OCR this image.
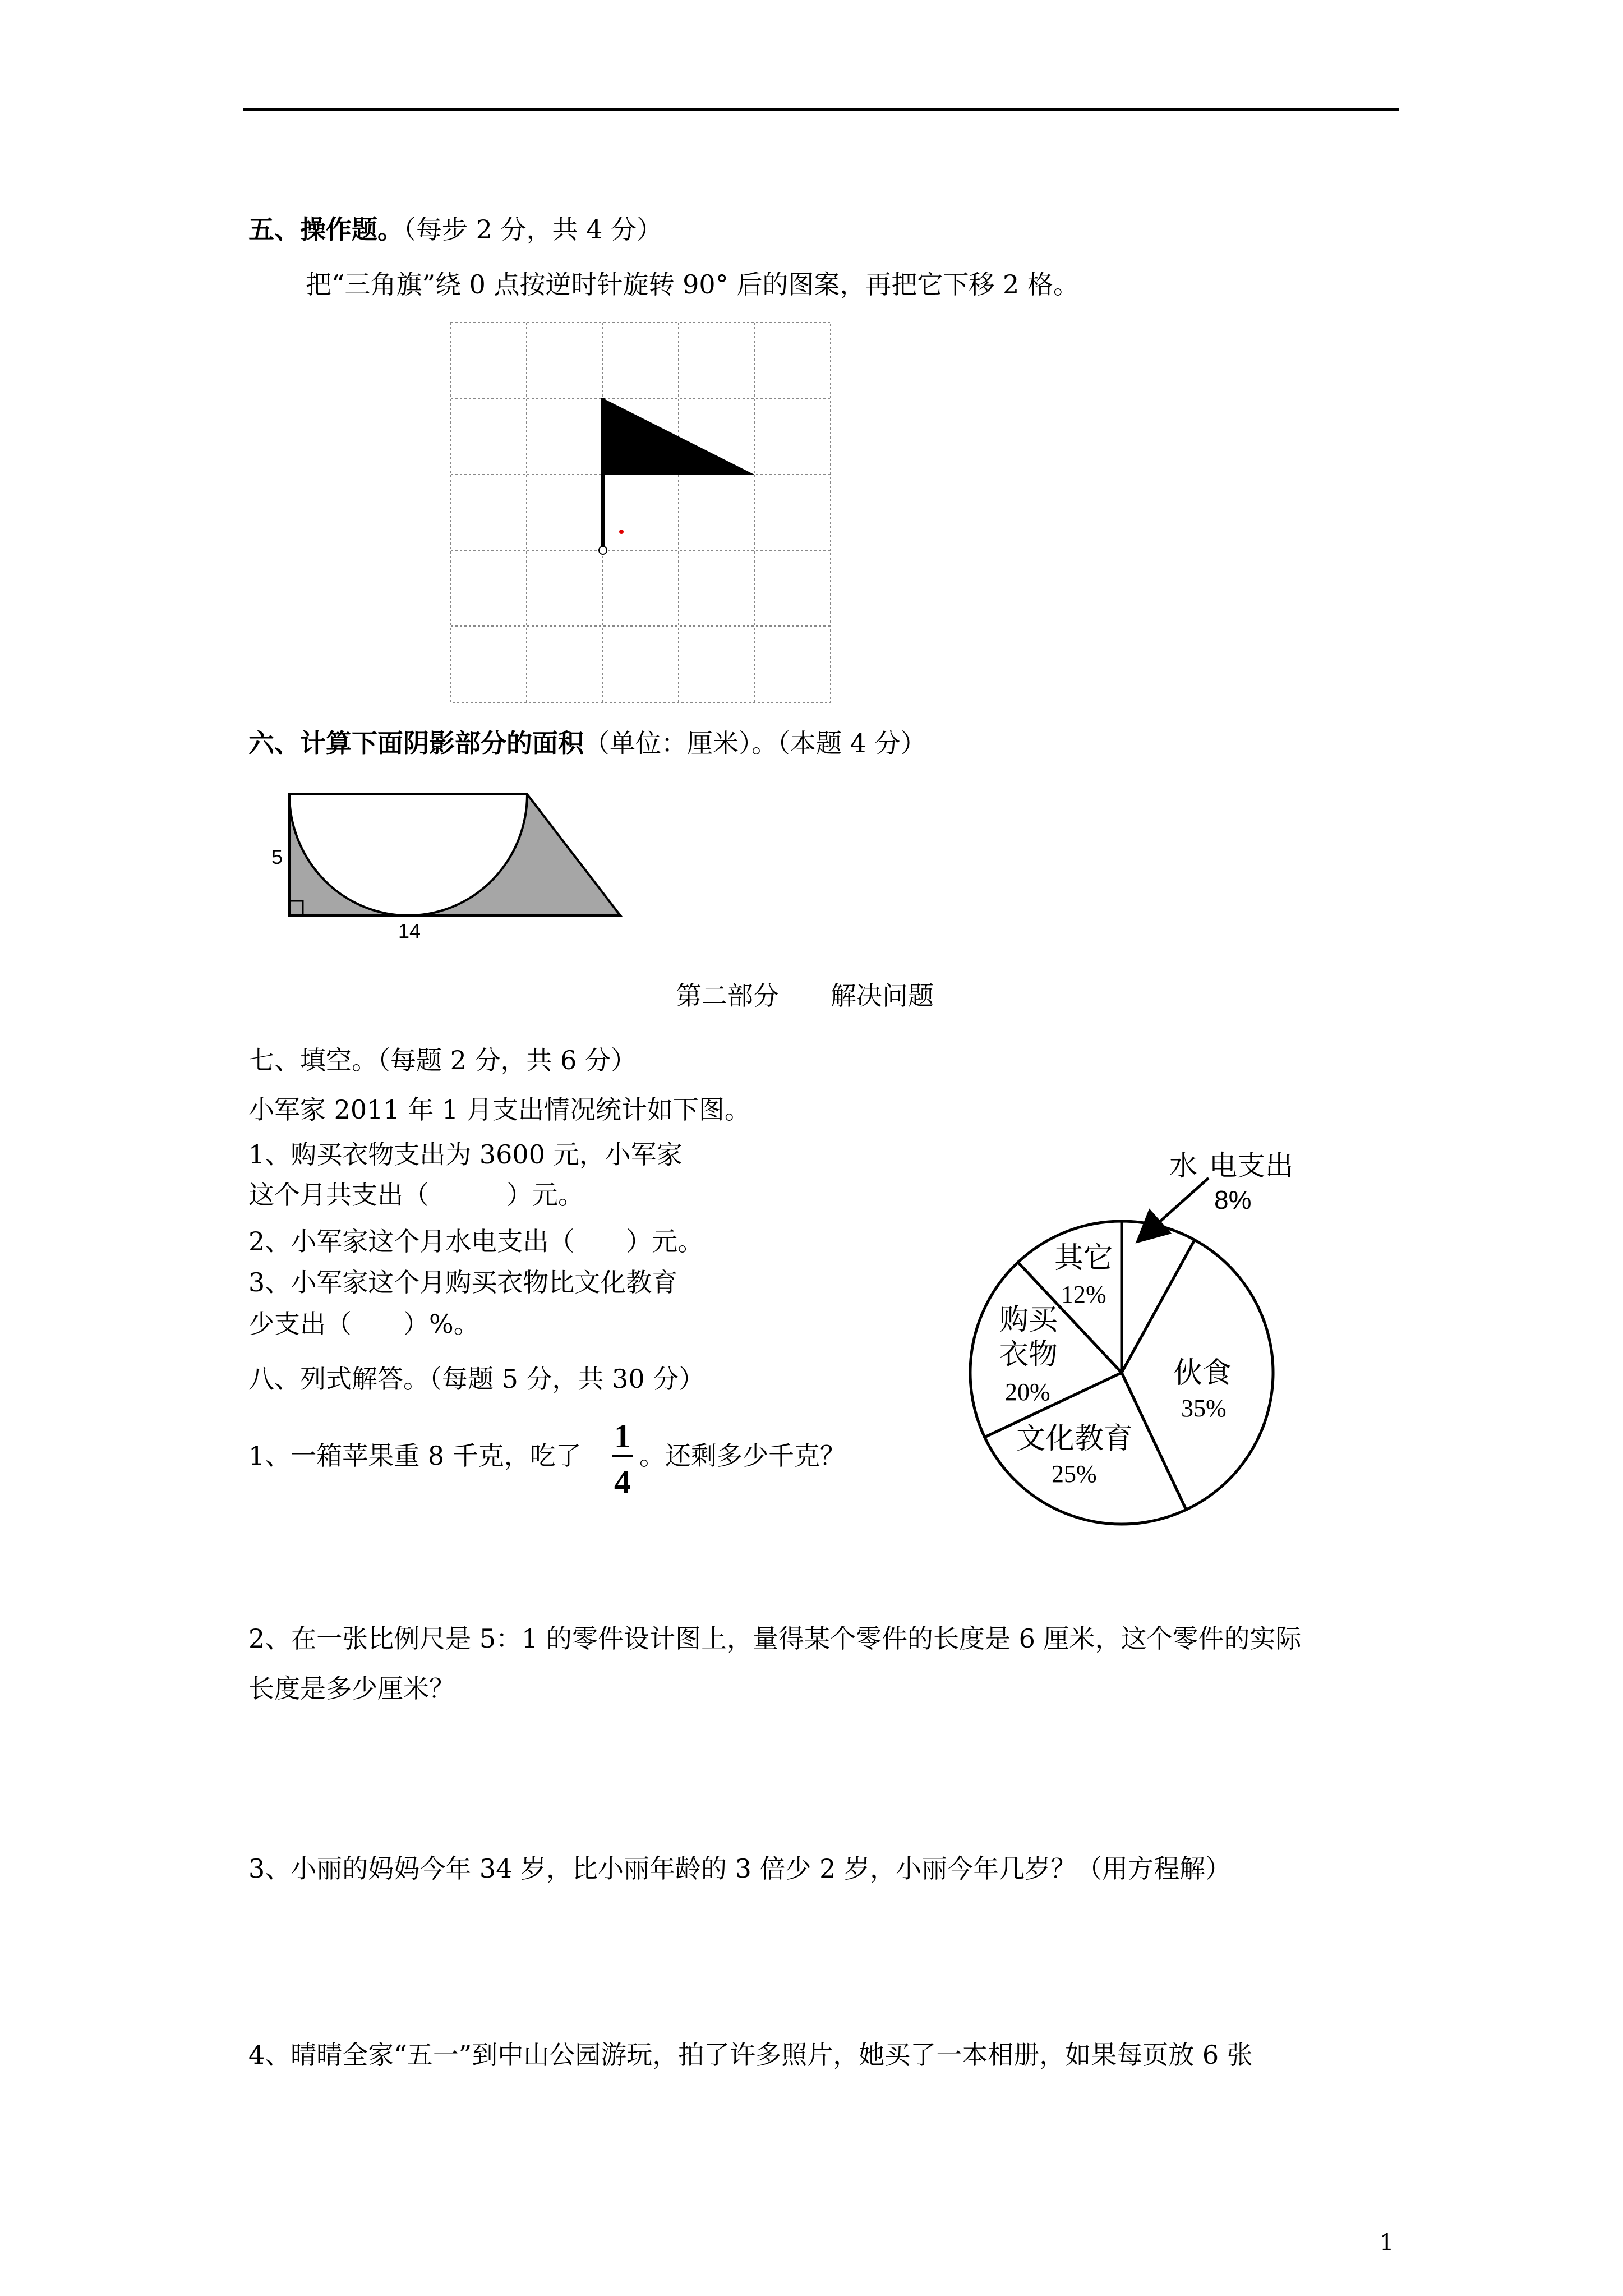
五、操作题。（每步 2 分，共 4 分）
把“三角旗”绕 0 点按逆时针旋转 90° 后的图案，再把它下移 2 格。
六、计算下面阴影部分的面积（单位：厘米）。（本题 4 分）
5
14
第二部分　　解决问题
七、填空。（每题 2 分，共 6 分）
小军家 2011 年 1 月支出情况统计如下图。
1、购买衣物支出为 3600 元，小军家
这个月共支出（　　　）元。
2、小军家这个月水电支出（　　）元。
3、小军家这个月购买衣物比文化教育
少支出（　　）%。
水 电支出
8%
其它
12%
购买
衣物
20%
伙食
35%
文化教育
25%
八、列式解答。（每题 5 分，共 30 分）
1、一箱苹果重 8 千克，吃了
1
4
。还剩多少千克？
2、在一张比例尺是 5：1 的零件设计图上，量得某个零件的长度是 6 厘米，这个零件的实际
长度是多少厘米？
3、小丽的妈妈今年 34 岁，比小丽年龄的 3 倍少 2 岁，小丽今年几岁？（用方程解）
4、晴晴全家“五一”到中山公园游玩，拍了许多照片，她买了一本相册，如果每页放 6 张
1
